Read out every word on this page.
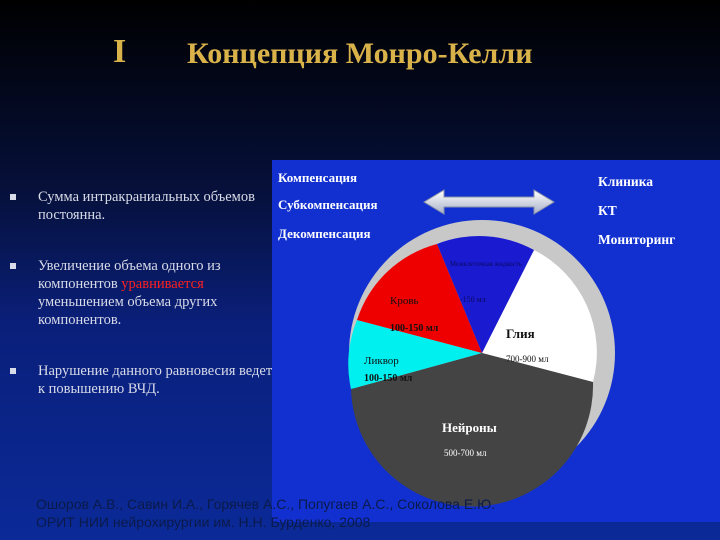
I Концепция Монро-Келли
Сумма интракраниальных объемов постоянна.
Увеличение объема одного из компонентов уравнивается уменьшением объема других компонентов.
Нарушение данного равновесия ведет к повышению ВЧД.
Компенсация
Субкомпенсация
Декомпенсация
Клиника
КТ
Мониторинг
Глия
700-900 мл
Нейроны
500-700 мл
Ликвор
100-150 мл
Кровь
100-150 мл
Межклеточная жидкость
-150 мл
Ошоров А.В., Савин И.А., Горячев А.С., Попугаев А.С., Соколова Е.Ю.
ОРИТ НИИ нейрохирургии им. Н.Н. Бурденко, 2008
